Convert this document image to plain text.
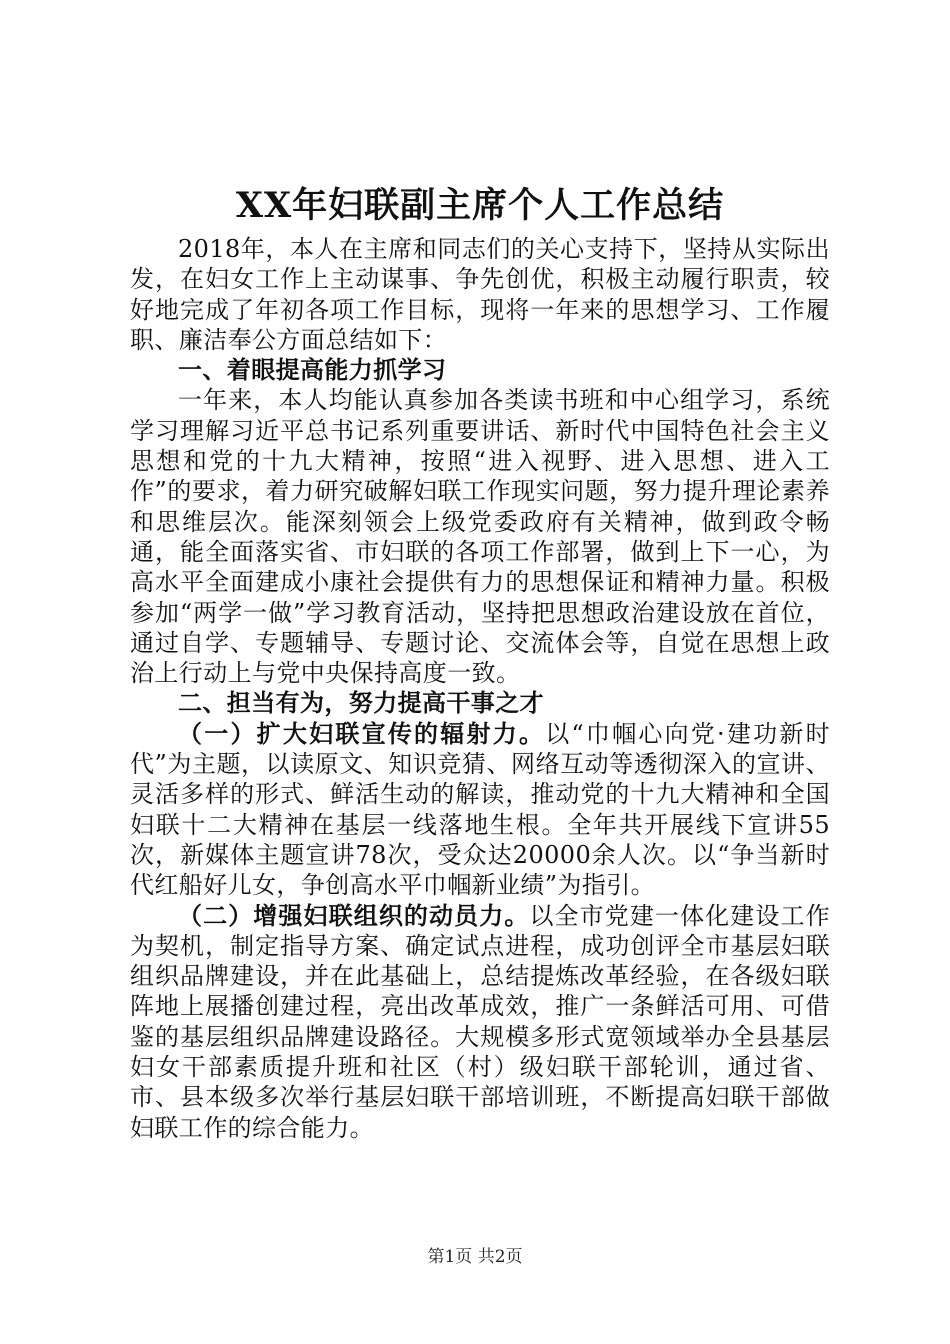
XX年妇联副主席个人工作总结

2018年，本人在主席和同志们的关心支持下，坚持从实际出发，在妇女工作上主动谋事、争先创优，积极主动履行职责，较好地完成了年初各项工作目标，现将一年来的思想学习、工作履职、廉洁奉公方面总结如下：

一、着眼提高能力抓学习

一年来，本人均能认真参加各类读书班和中心组学习，系统学习理解习近平总书记系列重要讲话、新时代中国特色社会主义思想和党的十九大精神，按照“进入视野、进入思想、进入工作”的要求，着力研究破解妇联工作现实问题，努力提升理论素养和思维层次。能深刻领会上级党委政府有关精神，做到政令畅通，能全面落实省、市妇联的各项工作部署，做到上下一心，为高水平全面建成小康社会提供有力的思想保证和精神力量。积极参加“两学一做”学习教育活动，坚持把思想政治建设放在首位，通过自学、专题辅导、专题讨论、交流体会等，自觉在思想上政治上行动上与党中央保持高度一致。

二、担当有为，努力提高干事之才

（一）扩大妇联宣传的辐射力。以“巾帼心向党·建功新时代”为主题，以读原文、知识竞猜、网络互动等透彻深入的宣讲、灵活多样的形式、鲜活生动的解读，推动党的十九大精神和全国妇联十二大精神在基层一线落地生根。全年共开展线下宣讲55次，新媒体主题宣讲78次，受众达20000余人次。以“争当新时代红船好儿女，争创高水平巾帼新业绩”为指引。

（二）增强妇联组织的动员力。以全市党建一体化建设工作为契机，制定指导方案、确定试点进程，成功创评全市基层妇联组织品牌建设，并在此基础上，总结提炼改革经验，在各级妇联阵地上展播创建过程，亮出改革成效，推广一条鲜活可用、可借鉴的基层组织品牌建设路径。大规模多形式宽领域举办全县基层妇女干部素质提升班和社区（村）级妇联干部轮训，通过省、市、县本级多次举行基层妇联干部培训班，不断提高妇联干部做妇联工作的综合能力。

第1页 共2页
